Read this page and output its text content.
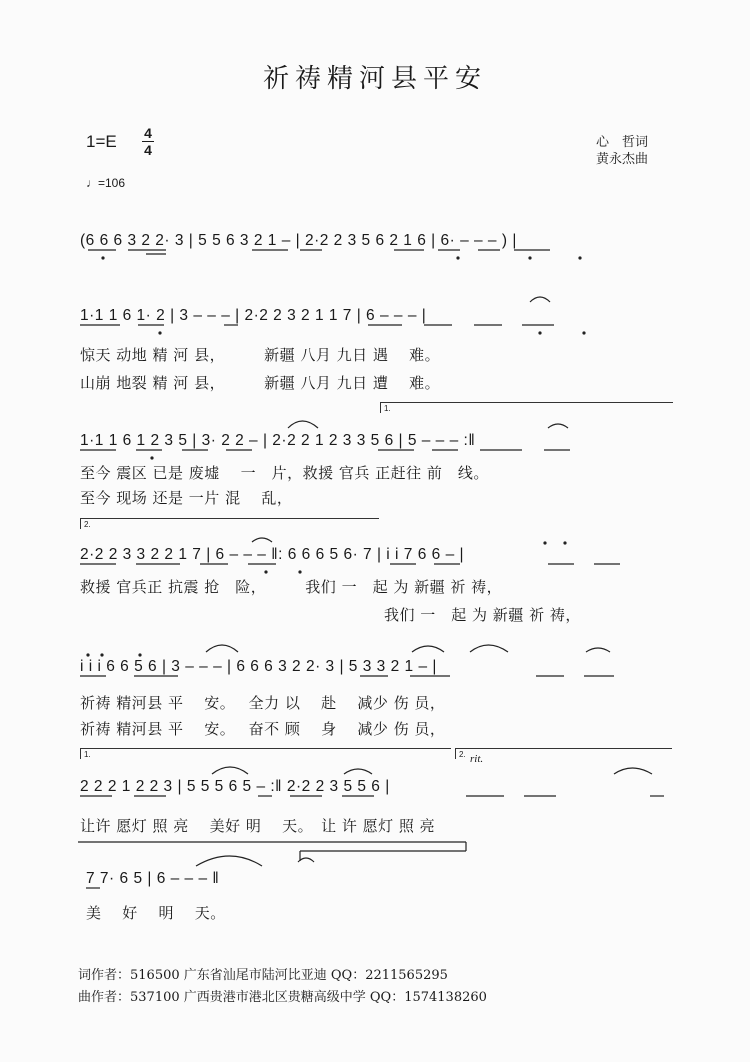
祈祷精河县平安
1=E 4
4
♩=106
心　哲词
黄永杰曲
(6 6 6 3 2 2· 3 | 5 5 6 3 2 1 – | 2·2 2 3 5 6 2 1 6 | 6· – – – ) |
1·1 1 6 1· 2 | 3 – – – | 2·2 2 3 2 1 1 7 | 6 – – – |
惊天 动地 精 河 县，　　　新疆 八月 九日 遇　 难。
山崩 地裂 精 河 县，　　　新疆 八月 九日 遭　 难。
1.
1·1 1 6 1 2 3 5 | 3· 2 2 – | 2·2 2 1 2 3 3 5 6 | 5 – – – :‖
至今 震区 已是 废墟　 一　片，救援 官兵 正赶往 前　线。
至今 现场 还是 一片 混　 乱，
2.
2·2 2 3 3 2 2 1 7 | 6 – – – ‖: 6 6 6 5 6· 7 | i i 7 6 6 – |
救援 官兵正 抗震 抢　险，　　　我们 一　起 为 新疆 祈 祷，
我们 一　起 为 新疆 祈 祷，
i i i 6 6 5 6 | 3 – – – | 6 6 6 3 2 2· 3 | 5 3 3 2 1 – |
祈祷 精河县 平　 安。　 全力 以　 赴　 减少 伤 员，
祈祷 精河县 平　 安。　 奋不 顾　 身　 减少 伤 员，
1.	2. rit.
2 2 2 1 2 2 3 | 5 5 5 6 5 – :‖ 2·2 2 3 5 5 6 |
让许 愿灯 照 亮　 美好 明　 天。　让 许 愿灯 照 亮
7 7· 6 5 | 6 – – – ‖
美　 好　 明　 天。
词作者：516500 广东省汕尾市陆河比亚迪 QQ：2211565295
曲作者：537100 广西贵港市港北区贵糖高级中学 QQ：1574138260
